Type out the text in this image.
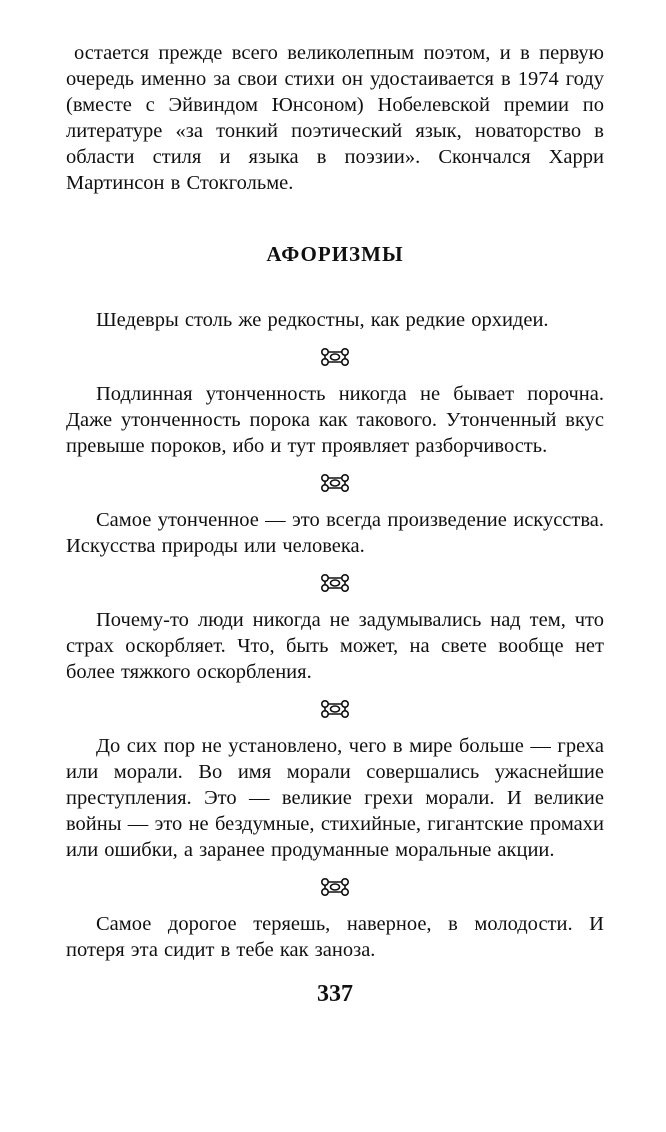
остается прежде всего великолепным поэтом, и в первую очередь именно за свои стихи он удостаивается в 1974 году (вместе с Эйвиндом Юнсоном) Нобелевской премии по литературе «за тонкий поэтический язык, новаторство в области стиля и языка в поэзии». Скончался Харри Мартинсон в Стокгольме.

АФОРИЗМЫ

Шедевры столь же редкостны, как редкие орхидеи.

Подлинная утонченность никогда не бывает порочна. Даже утонченность порока как такового. Утонченный вкус превыше пороков, ибо и тут проявляет разборчивость.

Самое утонченное — это всегда произведение искусства. Искусства природы или человека.

Почему-то люди никогда не задумывались над тем, что страх оскорбляет. Что, быть может, на свете вообще нет более тяжкого оскорбления.

До сих пор не установлено, чего в мире больше — греха или морали. Во имя морали совершались ужаснейшие преступления. Это — великие грехи морали. И великие войны — это не бездумные, стихийные, гигантские промахи или ошибки, а заранее продуманные моральные акции.

Самое дорогое теряешь, наверное, в молодости. И потеря эта сидит в тебе как заноза.

337
